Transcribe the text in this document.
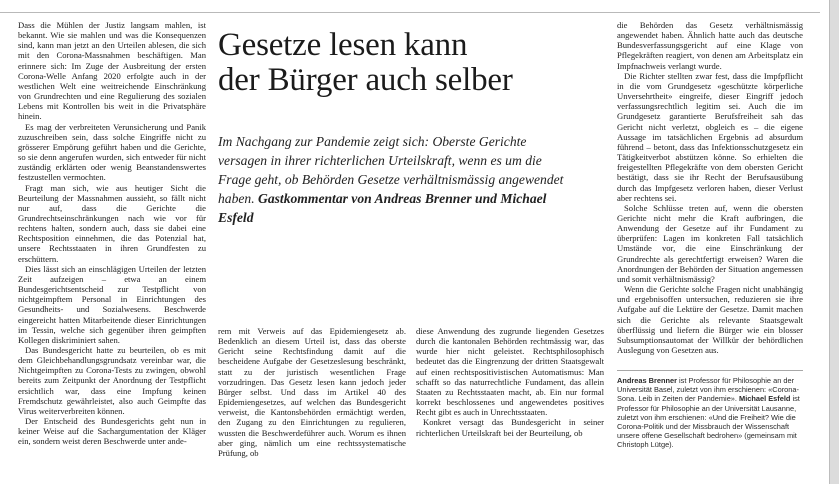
Dass die Mühlen der Justiz langsam mahlen, ist bekannt. Wie sie mahlen und was die Konsequenzen sind, kann man jetzt an den Urteilen ablesen, die sich mit den Corona-Massnahmen beschäftigen. Man erinnere sich: Im Zuge der Ausbreitung der ersten Corona-Welle Anfang 2020 erfolgte auch in der westlichen Welt eine weitreichende Einschränkung von Grundrechten und eine Regulierung des sozialen Lebens mit Kontrollen bis weit in die Privatsphäre hinein.

Es mag der verbreiteten Verunsicherung und Panik zuzuschreiben sein, dass solche Eingriffe nicht zu grösserer Empörung geführt haben und die Gerichte, so sie denn angerufen wurden, sich entweder für nicht zuständig erklärten oder wenig Beanstandenswertes festzustellen vermochten.

Fragt man sich, wie aus heutiger Sicht die Beurteilung der Massnahmen aussieht, so fällt nicht nur auf, dass die Gerichte die Grundrechtseinschränkungen nach wie vor für rechtens halten, sondern auch, dass sie dabei eine Rechtsposition einnehmen, die das Potenzial hat, unsere Rechtsstaaten in ihren Grundfesten zu erschüttern.

Dies lässt sich an einschlägigen Urteilen der letzten Zeit aufzeigen – etwa an einem Bundesgerichtsentscheid zur Testpflicht von nichtgeimpftem Personal in Einrichtungen des Gesundheits- und Sozialwesens. Beschwerde eingereicht hatten Mitarbeitende dieser Einrichtungen im Tessin, welche sich gegenüber ihren geimpften Kollegen diskriminiert sahen.

Das Bundesgericht hatte zu beurteilen, ob es mit dem Gleichbehandlungsgrundsatz vereinbar war, die Nichtgeimpften zu Corona-Tests zu zwingen, obwohl bereits zum Zeitpunkt der Anordnung der Testpflicht ersichtlich war, dass eine Impfung keinen Fremdschutz gewährleistet, also auch Geimpfte das Virus weiterverbreiten können.

Der Entscheid des Bundesgerichts geht nun in keiner Weise auf die Sachargumentation der Kläger ein, sondern weist deren Beschwerde unter ande-

Gesetze lesen kann
der Bürger auch selber

Im Nachgang zur Pandemie zeigt sich: Oberste Gerichte versagen in ihrer richterlichen Urteilskraft, wenn es um die Frage geht, ob Behörden Gesetze verhältnismässig angewendet haben. Gastkommentar von Andreas Brenner und Michael Esfeld

rem mit Verweis auf das Epidemiengesetz ab. Bedenklich an diesem Urteil ist, dass das oberste Gericht seine Rechtsfindung damit auf die bescheidene Aufgabe der Gesetzeslesung beschränkt, statt zu der juristisch wesentlichen Frage vorzudringen. Das Gesetz lesen kann jedoch jeder Bürger selbst. Und dass im Artikel 40 des Epidemiengesetzes, auf welchen das Bundesgericht verweist, die Kantonsbehörden ermächtigt werden, den Zugang zu den Einrichtungen zu regulieren, wussten die Beschwerdeführer auch. Worum es ihnen aber ging, nämlich um eine rechtssystematische Prüfung, ob

diese Anwendung des zugrunde liegenden Gesetzes durch die kantonalen Behörden rechtmässig war, das wurde hier nicht geleistet. Rechtsphilosophisch bedeutet das die Eingrenzung der dritten Staatsgewalt auf einen rechtspositivistischen Automatismus: Man schafft so das naturrechtliche Fundament, das allein Staaten zu Rechtsstaaten macht, ab. Ein nur formal korrekt beschlossenes und angewendetes positives Recht gibt es auch in Unrechtsstaaten.

Konkret versagt das Bundesgericht in seiner richterlichen Urteilskraft bei der Beurteilung, ob

die Behörden das Gesetz verhältnismässig angewendet haben. Ähnlich hatte auch das deutsche Bundesverfassungsgericht auf eine Klage von Pflegekräften reagiert, von denen am Arbeitsplatz ein Impfnachweis verlangt wurde.

Die Richter stellten zwar fest, dass die Impfpflicht in die vom Grundgesetz «geschützte körperliche Unversehrtheit» eingreife, dieser Eingriff jedoch verfassungsrechtlich legitim sei. Auch die im Grundgesetz garantierte Berufsfreiheit sah das Gericht nicht verletzt, obgleich es – die eigene Aussage im tatsächlichen Ergebnis ad absurdum führend – betont, dass das Infektionsschutzgesetz ein Tätigkeitverbot abstützen könne. So erhielten die freigestellten Pflegekräfte von dem obersten Gericht bestätigt, dass sie ihr Recht der Berufsausübung durch das Impfgesetz verloren haben, dieser Verlust aber rechtens sei.

Solche Schlüsse treten auf, wenn die obersten Gerichte nicht mehr die Kraft aufbringen, die Anwendung der Gesetze auf ihr Fundament zu überprüfen: Lagen im konkreten Fall tatsächlich Umstände vor, die eine Einschränkung der Grundrechte als gerechtfertigt erweisen? Waren die Anordnungen der Behörden der Situation angemessen und somit verhältnismässig?

Wenn die Gerichte solche Fragen nicht unabhängig und ergebnisoffen untersuchen, reduzieren sie ihre Aufgabe auf die Lektüre der Gesetze. Damit machen sich die Gerichte als relevante Staatsgewalt überflüssig und liefern die Bürger wie ein blosser Subsumptionsautomat der Willkür der behördlichen Auslegung von Gesetzen aus.

Andreas Brenner ist Professor für Philosophie an der Universität Basel, zuletzt von ihm erschienen: «Corona-Sona. Leib in Zeiten der Pandemie». Michael Esfeld ist Professor für Philosophie an der Universität Lausanne, zuletzt von ihm erschienen: «Und die Freiheit? Wie die Corona-Politik und der Missbrauch der Wissenschaft unsere offene Gesellschaft bedrohen» (gemeinsam mit Christoph Lütge).
